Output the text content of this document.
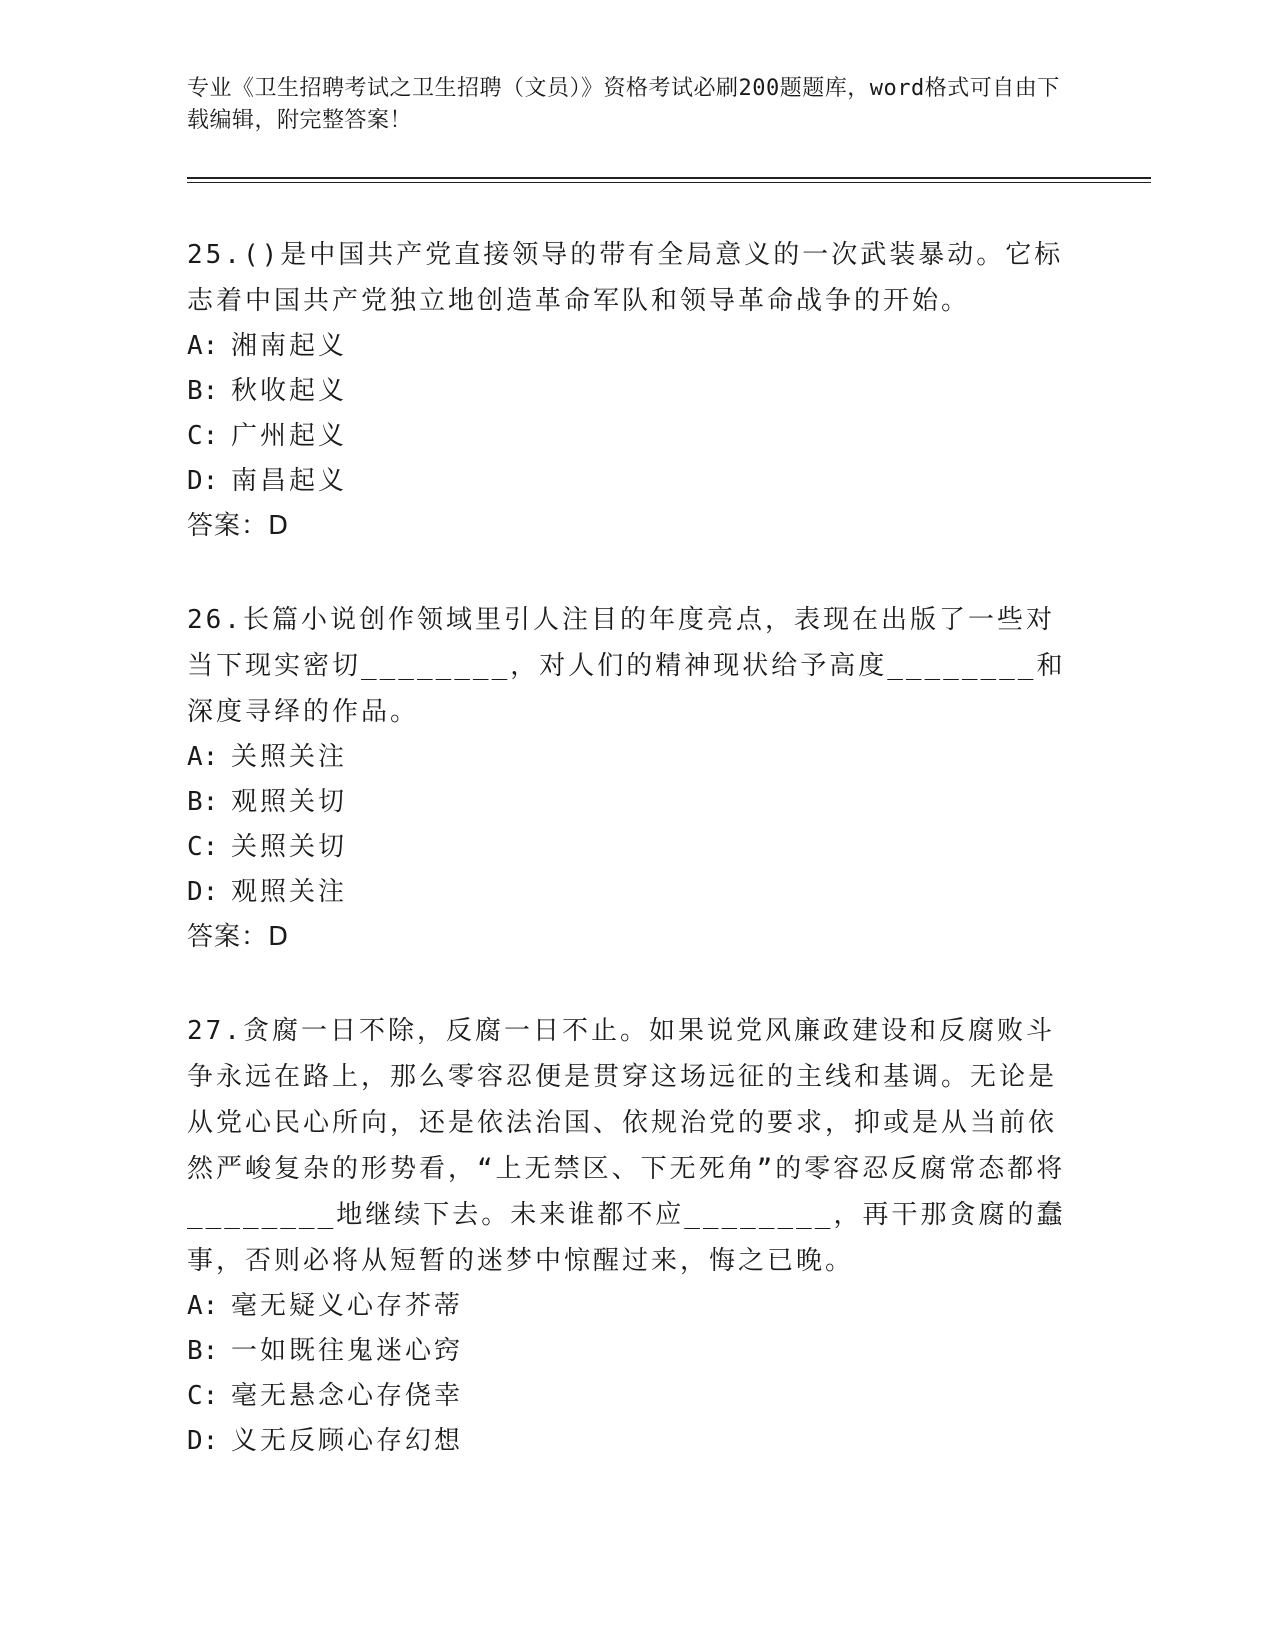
专业《卫生招聘考试之卫生招聘（文员）》资格考试必刷200题题库，word格式可自由下载编辑，附完整答案！

25.()是中国共产党直接领导的带有全局意义的一次武装暴动。它标志着中国共产党独立地创造革命军队和领导革命战争的开始。

A: 湘南起义

B: 秋收起义

C: 广州起义

D: 南昌起义

答案：D

26.长篇小说创作领域里引人注目的年度亮点，表现在出版了一些对当下现实密切________，对人们的精神现状给予高度________和深度寻绎的作品。

A: 关照关注

B: 观照关切

C: 关照关切

D: 观照关注

答案：D

27.贪腐一日不除，反腐一日不止。如果说党风廉政建设和反腐败斗争永远在路上，那么零容忍便是贯穿这场远征的主线和基调。无论是从党心民心所向，还是依法治国、依规治党的要求，抑或是从当前依然严峻复杂的形势看，“上无禁区、下无死角”的零容忍反腐常态都将________地继续下去。未来谁都不应________，再干那贪腐的蠢事，否则必将从短暂的迷梦中惊醒过来，悔之已晚。

A: 毫无疑义心存芥蒂

B: 一如既往鬼迷心窍

C: 毫无悬念心存侥幸

D: 义无反顾心存幻想
